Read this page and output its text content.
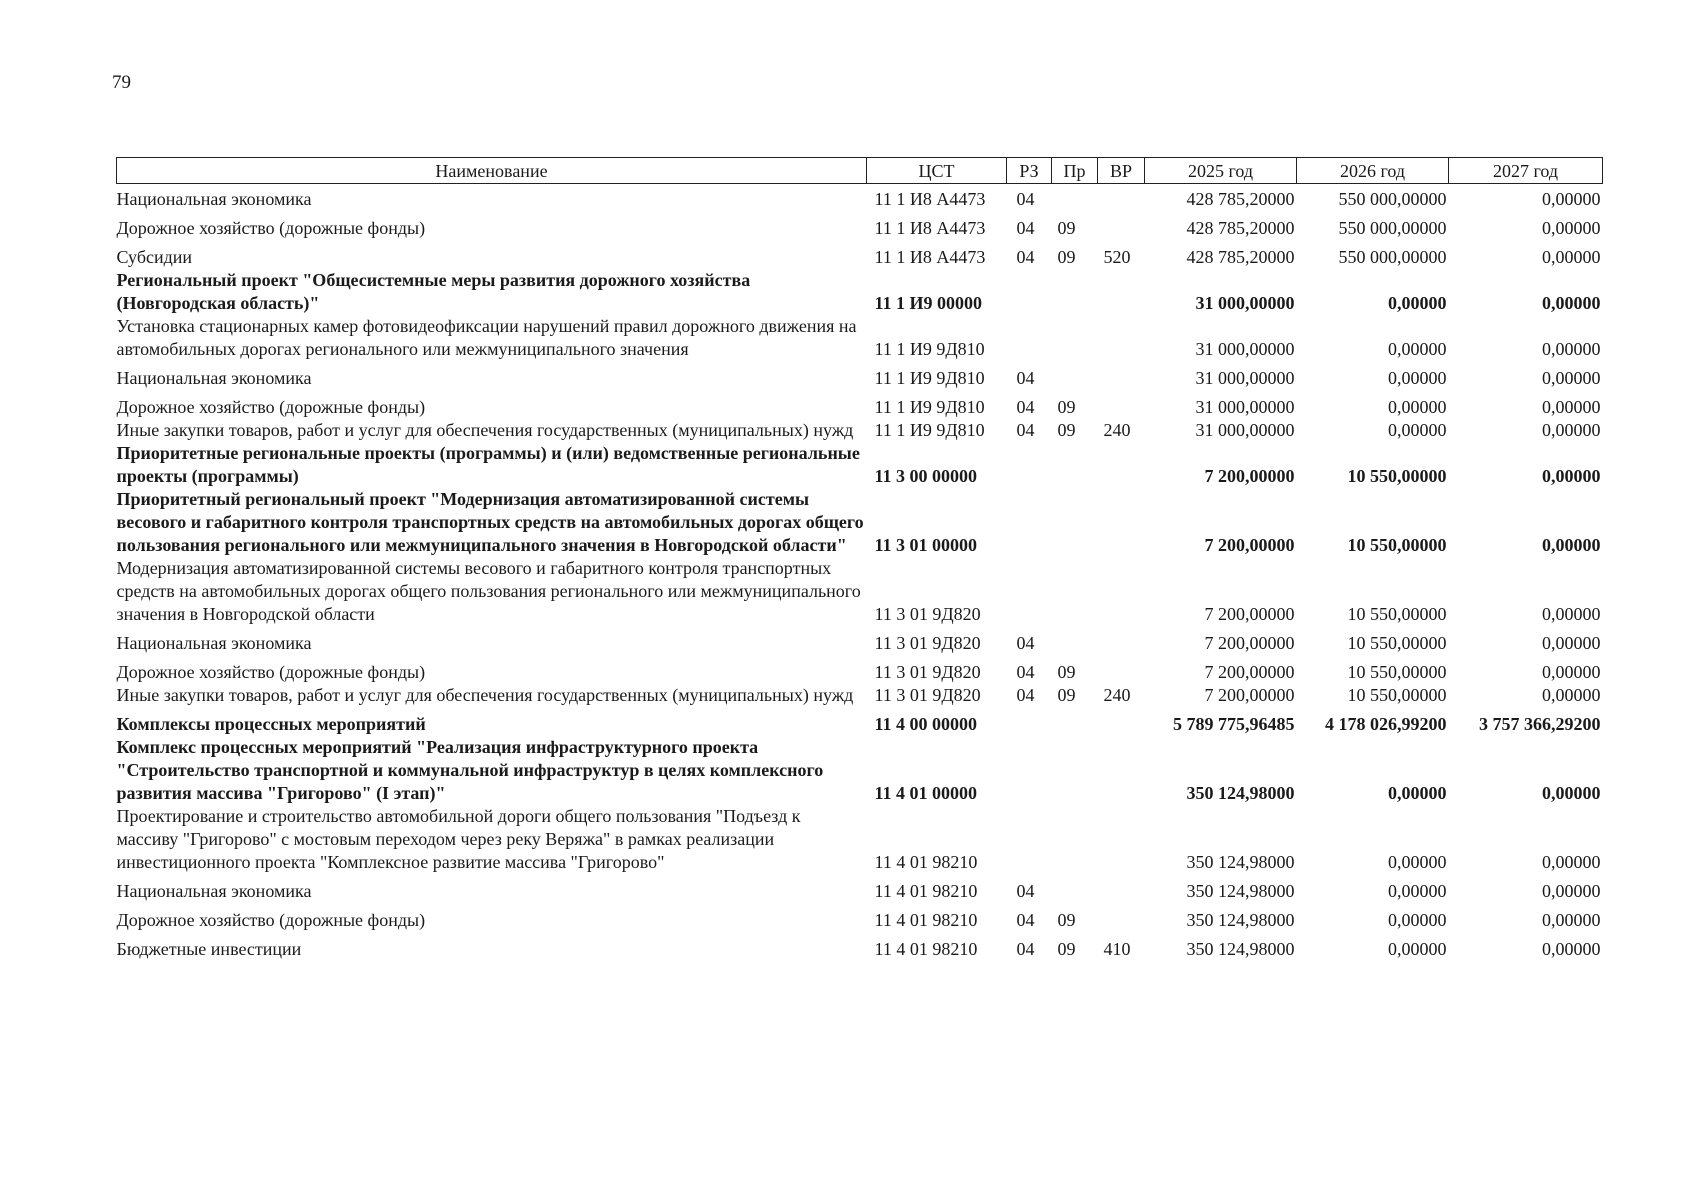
79
Наименование	ЦСТ	РЗ	Пр	ВР	2025 год	2026 год	2027 год
Национальная экономика	11 1 И8 А4473	04			428 785,20000	550 000,00000	0,00000
Дорожное хозяйство (дорожные фонды)	11 1 И8 А4473	04	09		428 785,20000	550 000,00000	0,00000
Субсидии	11 1 И8 А4473	04	09	520	428 785,20000	550 000,00000	0,00000
Региональный проект "Общесистемные меры развития дорожного хозяйства (Новгородская область)"	11 1 И9 00000				31 000,00000	0,00000	0,00000
Установка стационарных камер фотовидеофиксации нарушений правил дорожного движения на автомобильных дорогах регионального или межмуниципального значения	11 1 И9 9Д810				31 000,00000	0,00000	0,00000
Национальная экономика	11 1 И9 9Д810	04			31 000,00000	0,00000	0,00000
Дорожное хозяйство (дорожные фонды)	11 1 И9 9Д810	04	09		31 000,00000	0,00000	0,00000
Иные закупки товаров, работ и услуг для обеспечения государственных (муниципальных) нужд	11 1 И9 9Д810	04	09	240	31 000,00000	0,00000	0,00000
Приоритетные региональные проекты (программы) и (или) ведомственные региональные проекты (программы)	11 3 00 00000				7 200,00000	10 550,00000	0,00000
Приоритетный региональный проект "Модернизация автоматизированной системы весового и габаритного контроля транспортных средств на автомобильных дорогах общего пользования регионального или межмуниципального значения в Новгородской области"	11 3 01 00000				7 200,00000	10 550,00000	0,00000
Модернизация автоматизированной системы весового и габаритного контроля транспортных средств на автомобильных дорогах общего пользования регионального или межмуниципального значения в Новгородской области	11 3 01 9Д820				7 200,00000	10 550,00000	0,00000
Национальная экономика	11 3 01 9Д820	04			7 200,00000	10 550,00000	0,00000
Дорожное хозяйство (дорожные фонды)	11 3 01 9Д820	04	09		7 200,00000	10 550,00000	0,00000
Иные закупки товаров, работ и услуг для обеспечения государственных (муниципальных) нужд	11 3 01 9Д820	04	09	240	7 200,00000	10 550,00000	0,00000
Комплексы процессных мероприятий	11 4 00 00000				5 789 775,96485	4 178 026,99200	3 757 366,29200
Комплекс процессных мероприятий "Реализация инфраструктурного проекта "Строительство транспортной и коммунальной инфраструктур в целях комплексного развития массива "Григорово" (I этап)"	11 4 01 00000				350 124,98000	0,00000	0,00000
Проектирование и строительство автомобильной дороги общего пользования "Подъезд к массиву "Григорово" с мостовым переходом через реку Веряжа" в рамках реализации инвестиционного проекта "Комплексное развитие массива "Григорово"	11 4 01 98210				350 124,98000	0,00000	0,00000
Национальная экономика	11 4 01 98210	04			350 124,98000	0,00000	0,00000
Дорожное хозяйство (дорожные фонды)	11 4 01 98210	04	09		350 124,98000	0,00000	0,00000
Бюджетные инвестиции	11 4 01 98210	04	09	410	350 124,98000	0,00000	0,00000
